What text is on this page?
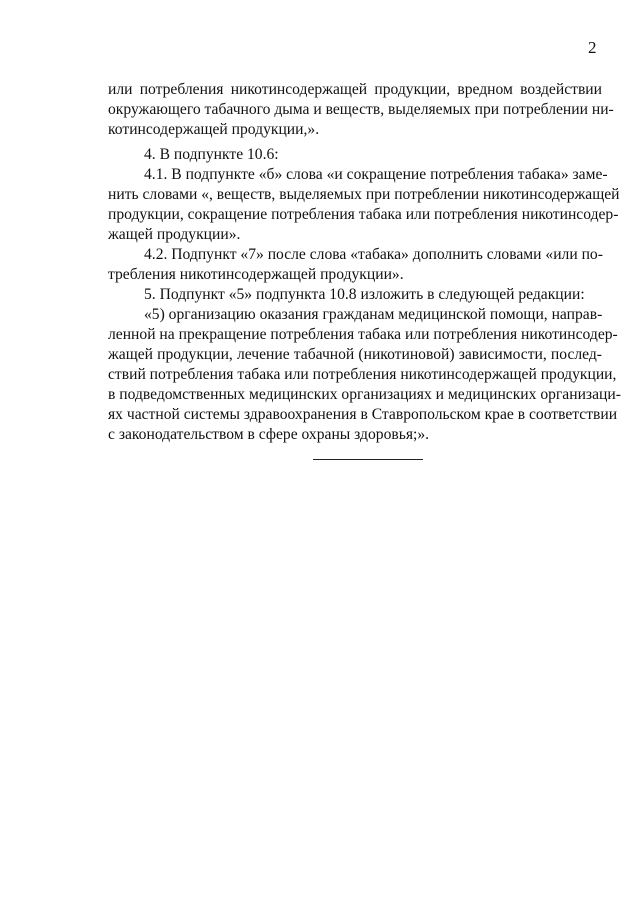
2
или потребления никотинсодержащей продукции, вредном воздействии
окружающего табачного дыма и веществ, выделяемых при потреблении ни-
котинсодержащей продукции,».
4. В подпункте 10.6:
4.1. В подпункте «б» слова «и сокращение потребления табака» заме-
нить словами «, веществ, выделяемых при потреблении никотинсодержащей
продукции, сокращение потребления табака или потребления никотинсодер-
жащей продукции».
4.2. Подпункт «7» после слова «табака» дополнить словами «или по-
требления никотинсодержащей продукции».
5. Подпункт «5» подпункта 10.8 изложить в следующей редакции:
«5) организацию оказания гражданам медицинской помощи, направ-
ленной на прекращение потребления табака или потребления никотинсодер-
жащей продукции, лечение табачной (никотиновой) зависимости, послед-
ствий потребления табака или потребления никотинсодержащей продукции,
в подведомственных медицинских организациях и медицинских организаци-
ях частной системы здравоохранения в Ставропольском крае в соответствии
с законодательством в сфере охраны здоровья;».
